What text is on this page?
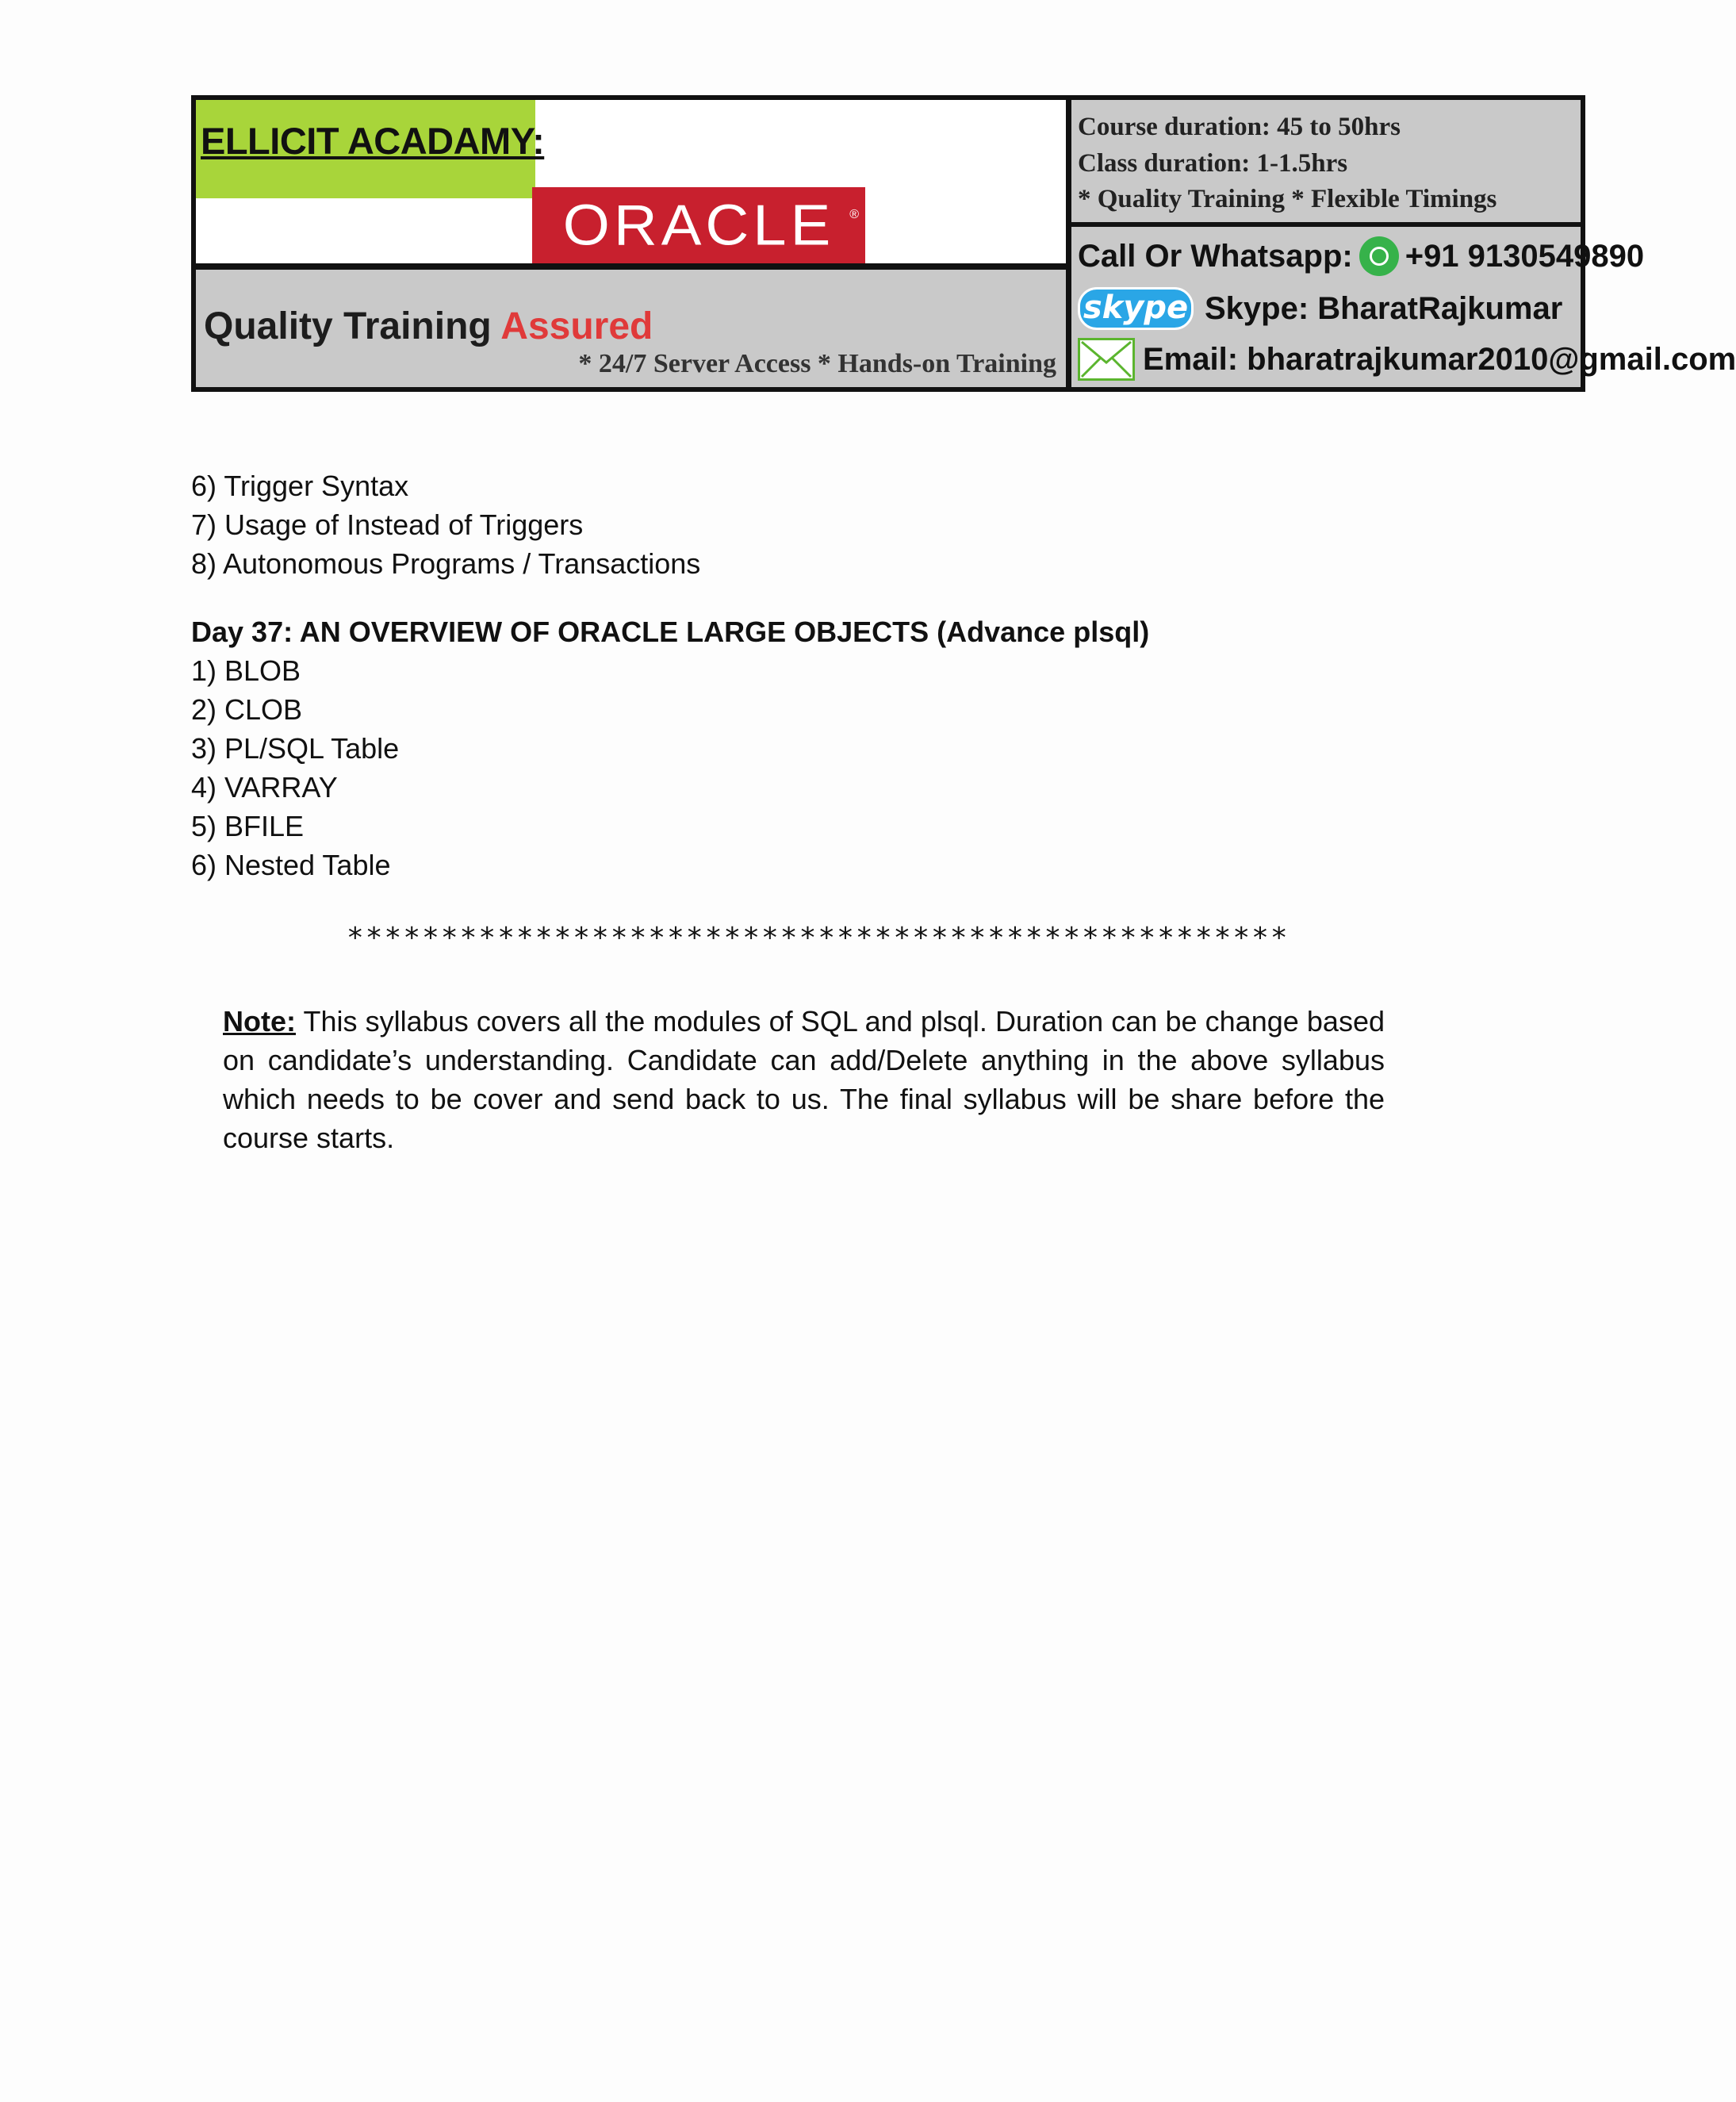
ELLICIT ACADAMY:
ORACLE ®
Quality Training Assured
* 24/7 Server Access * Hands-on Training
Course duration: 45 to 50hrs
Class duration: 1-1.5hrs
* Quality Training * Flexible Timings
Call Or Whatsapp: +91 9130549890
skype Skype: BharatRajkumar
Email: bharatrajkumar2010@gmail.com
6) Trigger Syntax
7) Usage of Instead of Triggers
8) Autonomous Programs / Transactions
Day 37: AN OVERVIEW OF ORACLE LARGE OBJECTS (Advance plsql)
1) BLOB
2) CLOB
3) PL/SQL Table
4) VARRAY
5) BFILE
6) Nested Table
**************************************************
Note: This syllabus covers all the modules of SQL and plsql. Duration can be change based on candidate’s understanding. Candidate can add/Delete anything in the above syllabus which needs to be cover and send back to us. The final syllabus will be share before the course starts.
